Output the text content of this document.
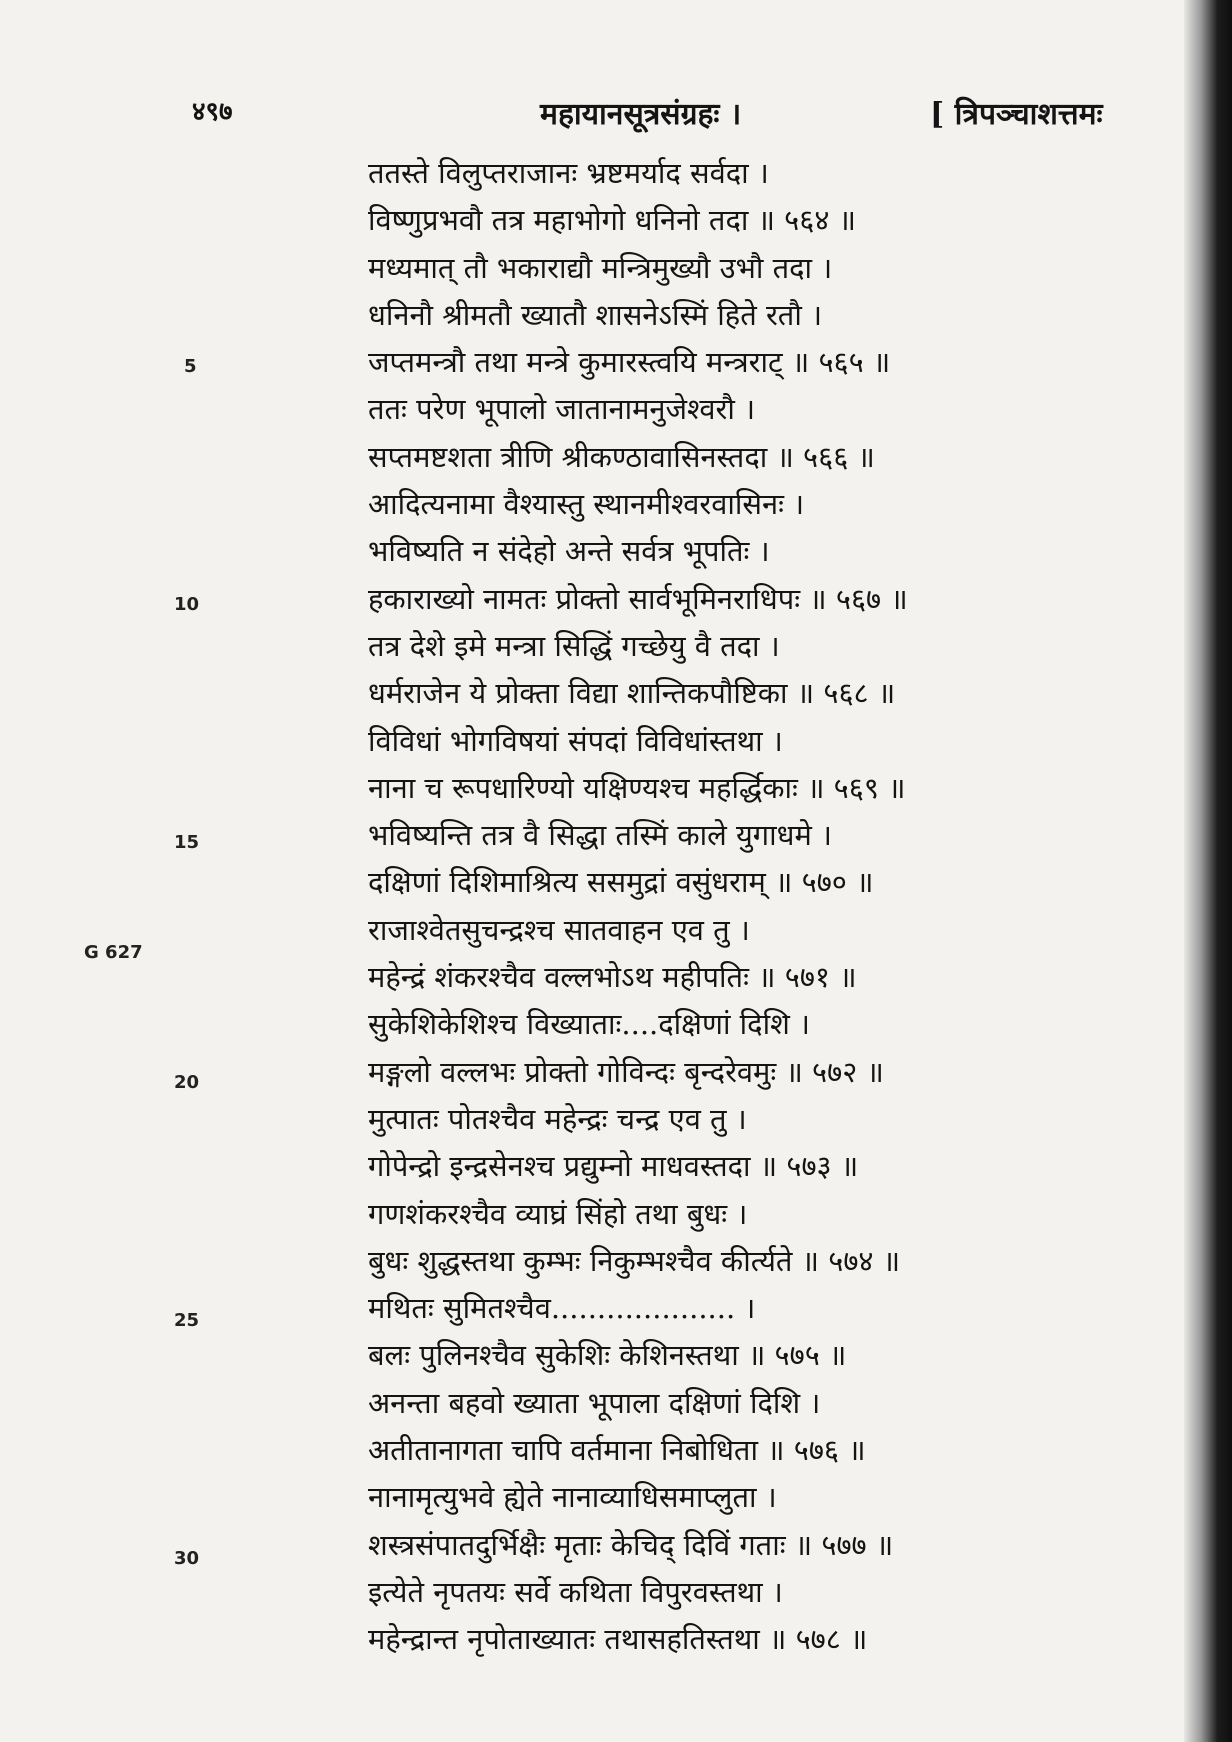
४९७	महायानसूत्रसंग्रहः ।	[ त्रिपञ्चाशत्तमः
ततस्ते विलुप्तराजानः भ्रष्टमर्याद सर्वदा ।
विष्णुप्रभवौ तत्र महाभोगो धनिनो तदा ॥ ५६४ ॥
मध्यमात् तौ भकाराद्यौ मन्त्रिमुख्यौ उभौ तदा ।
धनिनौ श्रीमतौ ख्यातौ शासनेऽस्मिं हिते रतौ ।
जप्तमन्त्रौ तथा मन्त्रे कुमारस्त्वयि मन्त्रराट् ॥ ५६५ ॥
ततः परेण भूपालो जातानामनुजेश्वरौ ।
सप्तमष्टशता त्रीणि श्रीकण्ठावासिनस्तदा ॥ ५६६ ॥
आदित्यनामा वैश्यास्तु स्थानमीश्वरवासिनः ।
भविष्यति न संदेहो अन्ते सर्वत्र भूपतिः ।
हकाराख्यो नामतः प्रोक्तो सार्वभूमिनराधिपः ॥ ५६७ ॥
तत्र देशे इमे मन्त्रा सिद्धिं गच्छेयु वै तदा ।
धर्मराजेन ये प्रोक्ता विद्या शान्तिकपौष्टिका ॥ ५६८ ॥
विविधां भोगविषयां संपदां विविधांस्तथा ।
नाना च रूपधारिण्यो यक्षिण्यश्च महर्द्धिकाः ॥ ५६९ ॥
भविष्यन्ति तत्र वै सिद्धा तस्मिं काले युगाधमे ।
दक्षिणां दिशिमाश्रित्य ससमुद्रां वसुंधराम् ॥ ५७० ॥
राजाश्वेतसुचन्द्रश्च सातवाहन एव तु ।
महेन्द्रं शंकरश्चैव वल्लभोऽथ महीपतिः ॥ ५७१ ॥
सुकेशिकेशिश्च विख्याताः....दक्षिणां दिशि ।
मङ्गलो वल्लभः प्रोक्तो गोविन्दः बृन्दरेवमुः ॥ ५७२ ॥
मुत्पातः पोतश्चैव महेन्द्रः चन्द्र एव तु ।
गोपेन्द्रो इन्द्रसेनश्च प्रद्युम्नो माधवस्तदा ॥ ५७३ ॥
गणशंकरश्चैव व्याघ्रं सिंहो तथा बुधः ।
बुधः शुद्धस्तथा कुम्भः निकुम्भश्चैव कीर्त्यते ॥ ५७४ ॥
मथितः सुमितश्चैव.................... ।
बलः पुलिनश्चैव सुकेशिः केशिनस्तथा ॥ ५७५ ॥
अनन्ता बहवो ख्याता भूपाला दक्षिणां दिशि ।
अतीतानागता चापि वर्तमाना निबोधिता ॥ ५७६ ॥
नानामृत्युभवे ह्येते नानाव्याधिसमाप्लुता ।
शस्त्रसंपातदुर्भिक्षैः मृताः केचिद् दिविं गताः ॥ ५७७ ॥
इत्येते नृपतयः सर्वे कथिता विपुरवस्तथा ।
महेन्द्रान्त नृपोताख्यातः तथासहतिस्तथा ॥ ५७८ ॥
5
10
15
G 627
20
25
30
